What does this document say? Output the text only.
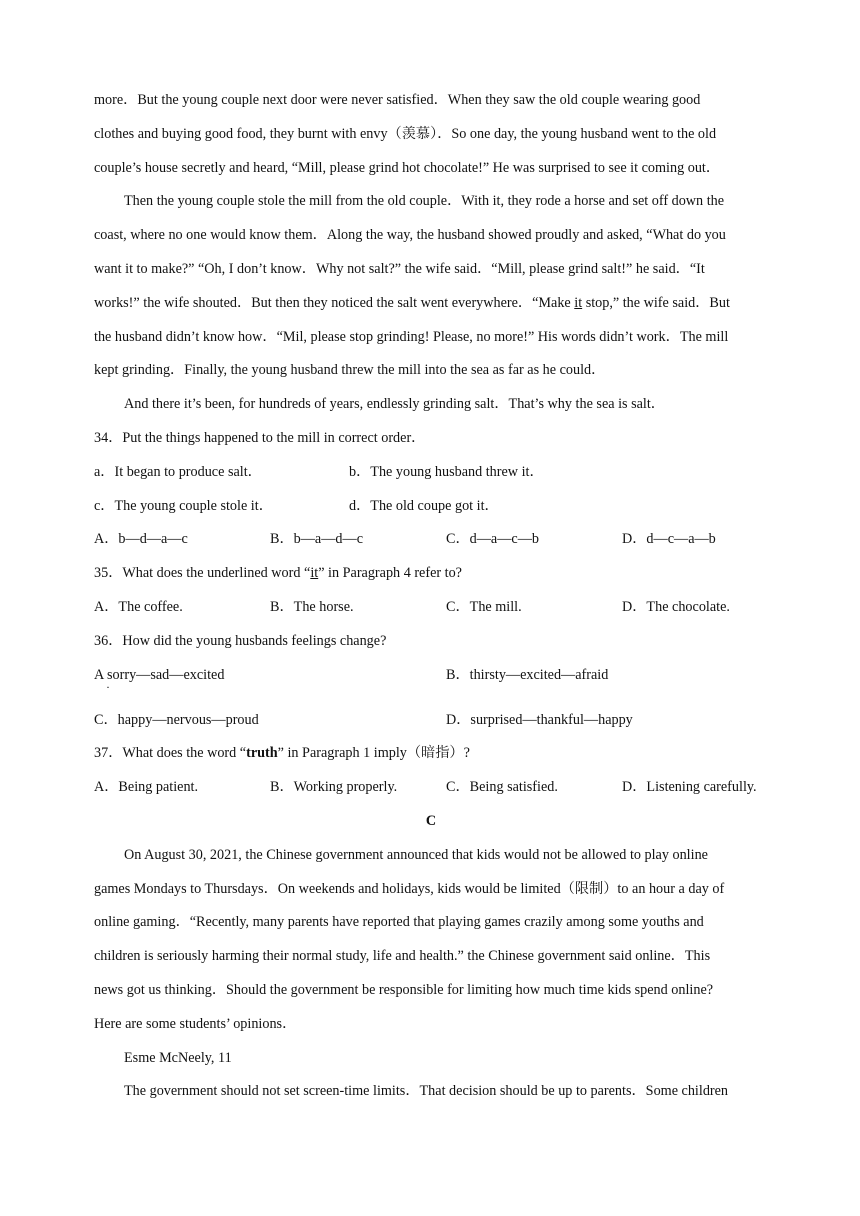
more．But the young couple next door were never satisfied．When they saw the old couple wearing good
clothes and buying good food, they burnt with envy（羡慕）．So one day, the young husband went to the old
couple’s house secretly and heard, “Mill, please grind hot chocolate!” He was surprised to see it coming out．
Then the young couple stole the mill from the old couple．With it, they rode a horse and set off down the
coast, where no one would know them．Along the way, the husband showed proudly and asked, “What do you
want it to make?” “Oh, I don’t know．Why not salt?” the wife said．“Mill, please grind salt!” he said．“It
works!” the wife shouted．But then they noticed the salt went everywhere．“Make it stop,” the wife said．But
the husband didn’t know how．“Mil, please stop grinding! Please, no more!” His words didn’t work．The mill
kept grinding．Finally, the young husband threw the mill into the sea as far as he could．
And there it’s been, for hundreds of years, endlessly grinding salt．That’s why the sea is salt．
34．Put the things happened to the mill in correct order．
a．It began to produce salt．	b．The young husband threw it．
c．The young couple stole it．	d．The old coupe got it．
A．b—d—a—c	B．b—a—d—c	C．d—a—c—b	D．d—c—a—b
35．What does the underlined word “it” in Paragraph 4 refer to?
A．The coffee.	B．The horse.	C．The mill.	D．The chocolate.
36．How did the young husbands feelings change?
A sorry—sad—excited ·	B．thirsty—excited—afraid
C．happy—nervous—proud	D．surprised—thankful—happy
37．What does the word “truth” in Paragraph 1 imply（暗指）?
A．Being patient.	B．Working properly.	C．Being satisfied.	D．Listening carefully.
C
On August 30, 2021, the Chinese government announced that kids would not be allowed to play online
games Mondays to Thursdays．On weekends and holidays, kids would be limited（限制）to an hour a day of
online gaming．“Recently, many parents have reported that playing games crazily among some youths and
children is seriously harming their normal study, life and health.” the Chinese government said online．This
news got us thinking．Should the government be responsible for limiting how much time kids spend online?
Here are some students’ opinions．
Esme McNeely, 11
The government should not set screen-time limits．That decision should be up to parents．Some children
